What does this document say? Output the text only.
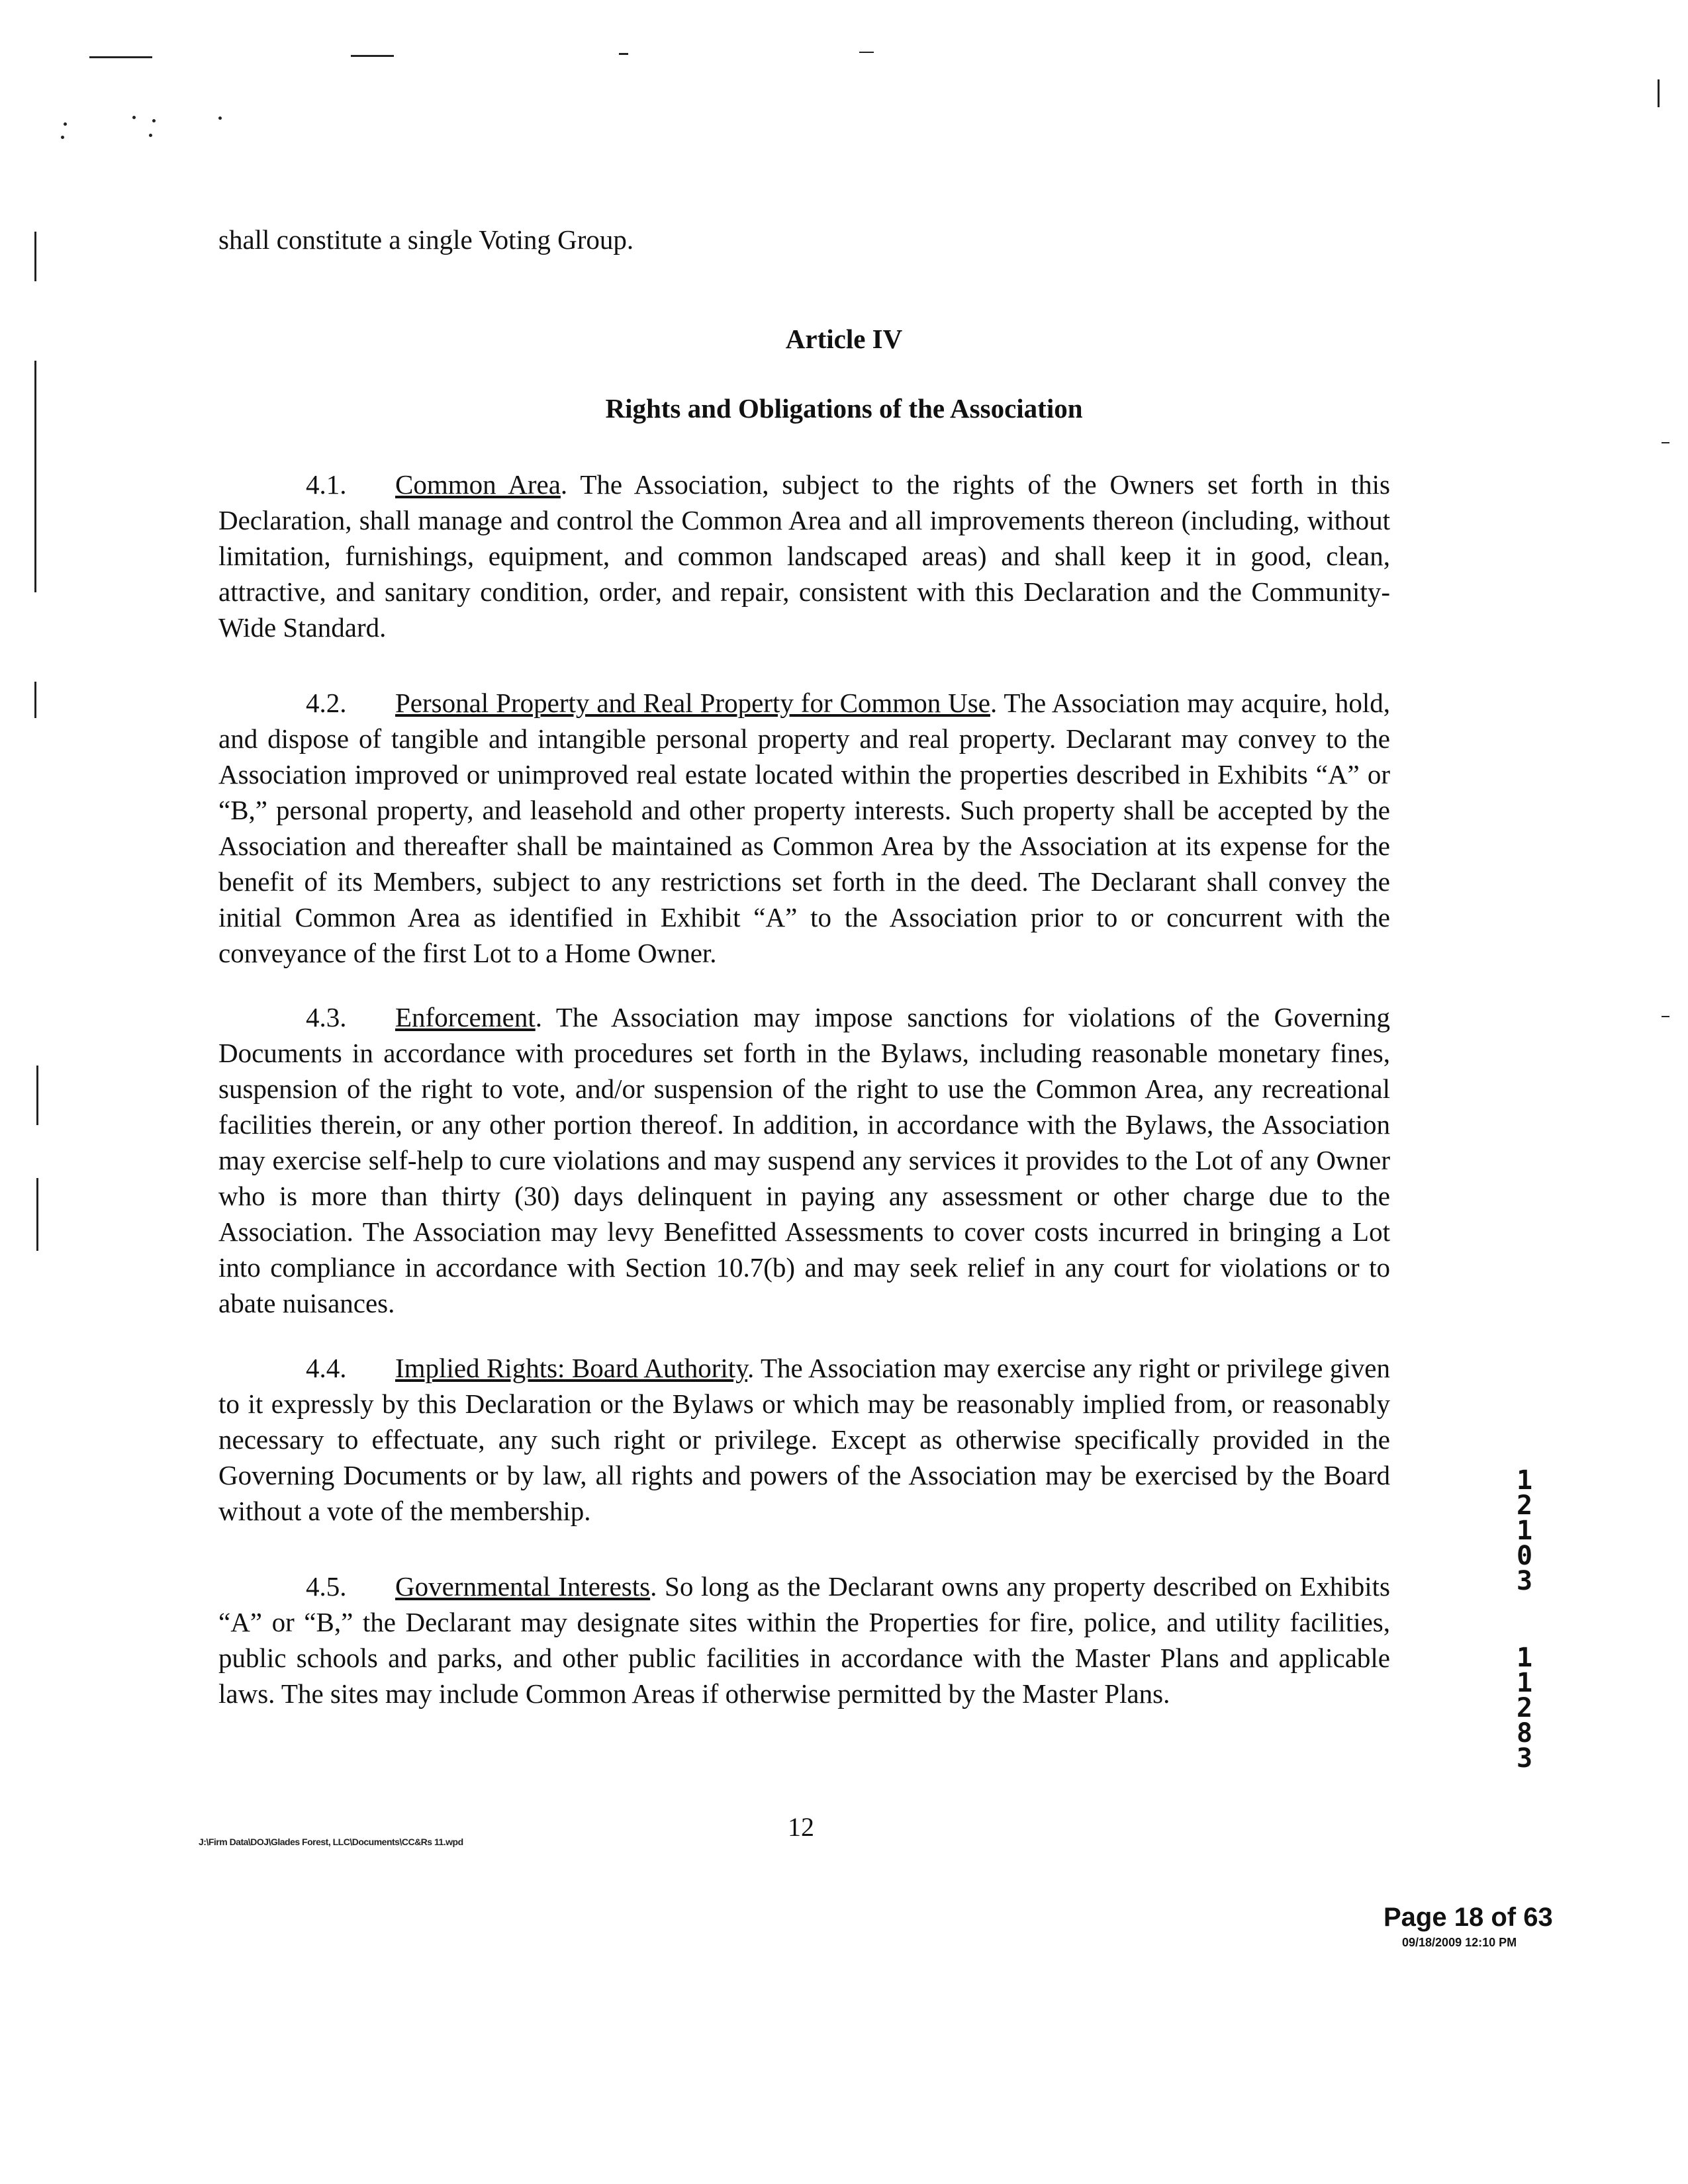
shall constitute a single Voting Group.

Article IV
Rights and Obligations of the Association

4.1. Common Area. The Association, subject to the rights of the Owners set forth in this Declaration, shall manage and control the Common Area and all improvements thereon (including, without limitation, furnishings, equipment, and common landscaped areas) and shall keep it in good, clean, attractive, and sanitary condition, order, and repair, consistent with this Declaration and the Community-Wide Standard.

4.2. Personal Property and Real Property for Common Use. The Association may acquire, hold, and dispose of tangible and intangible personal property and real property. Declarant may convey to the Association improved or unimproved real estate located within the properties described in Exhibits “A” or “B,” personal property, and leasehold and other property interests. Such property shall be accepted by the Association and thereafter shall be maintained as Common Area by the Association at its expense for the benefit of its Members, subject to any restrictions set forth in the deed. The Declarant shall convey the initial Common Area as identified in Exhibit “A” to the Association prior to or concurrent with the conveyance of the first Lot to a Home Owner.

4.3. Enforcement. The Association may impose sanctions for violations of the Governing Documents in accordance with procedures set forth in the Bylaws, including reasonable monetary fines, suspension of the right to vote, and/or suspension of the right to use the Common Area, any recreational facilities therein, or any other portion thereof. In addition, in accordance with the Bylaws, the Association may exercise self-help to cure violations and may suspend any services it provides to the Lot of any Owner who is more than thirty (30) days delinquent in paying any assessment or other charge due to the Association. The Association may levy Benefitted Assessments to cover costs incurred in bringing a Lot into compliance in accordance with Section 10.7(b) and may seek relief in any court for violations or to abate nuisances.

4.4. Implied Rights: Board Authority. The Association may exercise any right or privilege given to it expressly by this Declaration or the Bylaws or which may be reasonably implied from, or reasonably necessary to effectuate, any such right or privilege. Except as otherwise specifically provided in the Governing Documents or by law, all rights and powers of the Association may be exercised by the Board without a vote of the membership.

4.5. Governmental Interests. So long as the Declarant owns any property described on Exhibits “A” or “B,” the Declarant may designate sites within the Properties for fire, police, and utility facilities, public schools and parks, and other public facilities in accordance with the Master Plans and applicable laws. The sites may include Common Areas if otherwise permitted by the Master Plans.

1
2
1
0
3
1
1
2
8
3
12
J:\Firm Data\DOJ\Glades Forest, LLC\Documents\CC&Rs 11.wpd
Page 18 of 63
09/18/2009 12:10 PM
